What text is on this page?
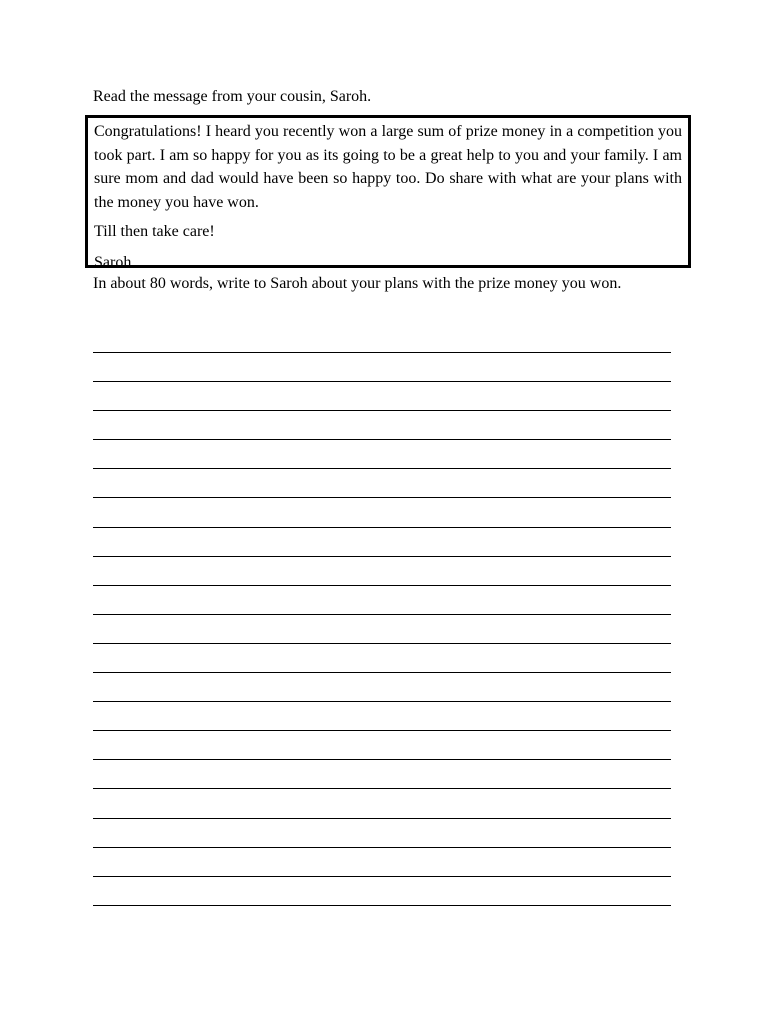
Read the message from your cousin, Saroh.

Congratulations! I heard you recently won a large sum of prize money in a competition you took part. I am so happy for you as its going to be a great help to you and your family. I am sure mom and dad would have been so happy too. Do share with what are your plans with the money you have won.

Till then take care!

Saroh

In about 80 words, write to Saroh about your plans with the prize money you won.
